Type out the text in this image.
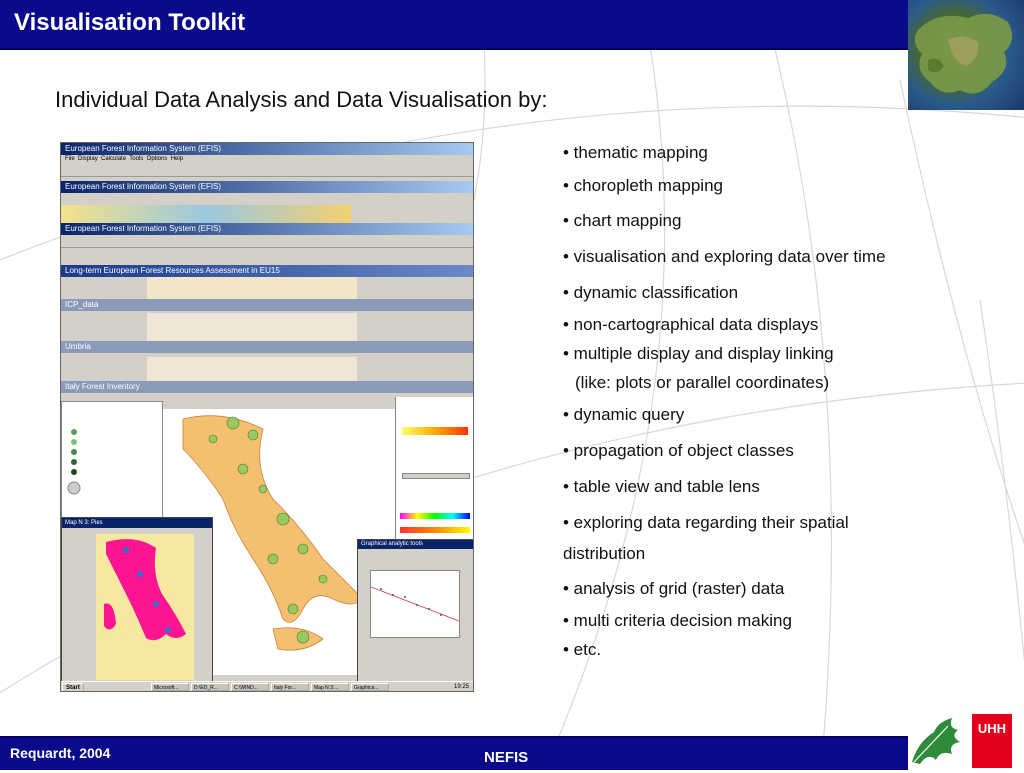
Visualisation Toolkit
Individual Data Analysis and Data Visualisation by:
European Forest Information System (EFIS)
File Display Calculate Tools Options Help
European Forest Information System (EFIS)
European Forest Information System (EFIS)
Long-term European Forest Resources Assessment in EU15
ICP_data
Umbria
Italy Forest Inventory
Map N 3: Pies
Graphical analytic tools
Start	Microsoft...	D:\ED_R...	C:\WIND...	Italy For...	Map N 3:...	Graphica...	19:25
• thematic mapping
• choropleth mapping
• chart mapping
• visualisation and exploring data over time
• dynamic classification
• non-cartographical data displays
• multiple display and display linking
(like: plots or parallel coordinates)
• dynamic query
• propagation of object classes
• table view and table lens
• exploring data regarding their spatial
distribution
• analysis of grid (raster) data
• multi criteria decision making
• etc.
Requardt, 2004	NEFIS
UHH
